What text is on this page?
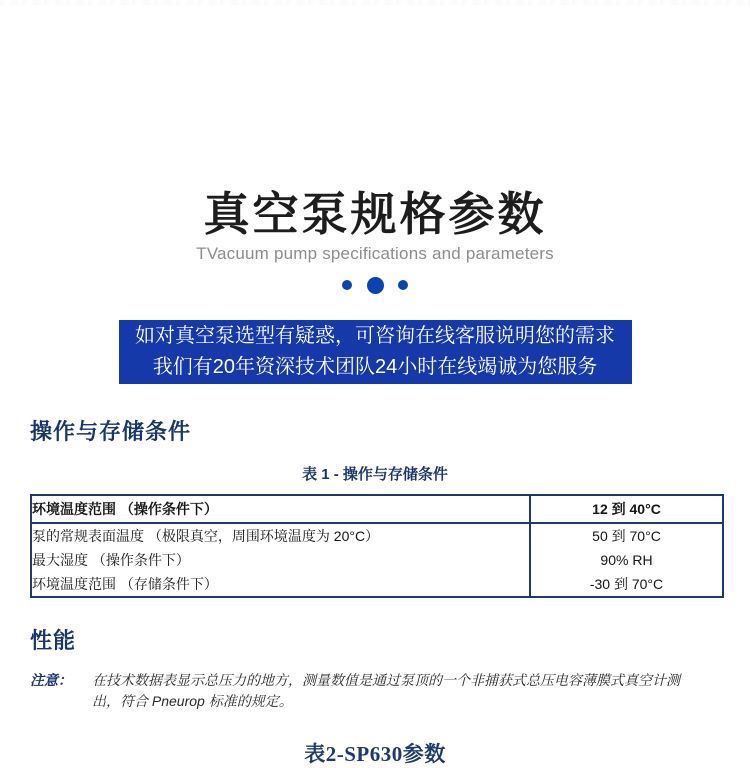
真空泵规格参数
TVacuum pump specifications and parameters

如对真空泵选型有疑惑，可咨询在线客服说明您的需求
我们有20年资深技术团队24小时在线竭诚为您服务
操作与存储条件
表 1 - 操作与存储条件
环境温度范围 （操作条件下）	12 到 40°C
泵的常规表面温度 （极限真空，周围环境温度为 20°C）	50 到 70°C
最大湿度 （操作条件下）	90% RH
环境温度范围 （存储条件下）	-30 到 70°C
性能
注意： 在技术数据表显示总压力的地方，测量数值是通过泵顶的一个非捕获式总压电容薄膜式真空计测出，符合 Pneurop 标准的规定。
表2-SP630参数
